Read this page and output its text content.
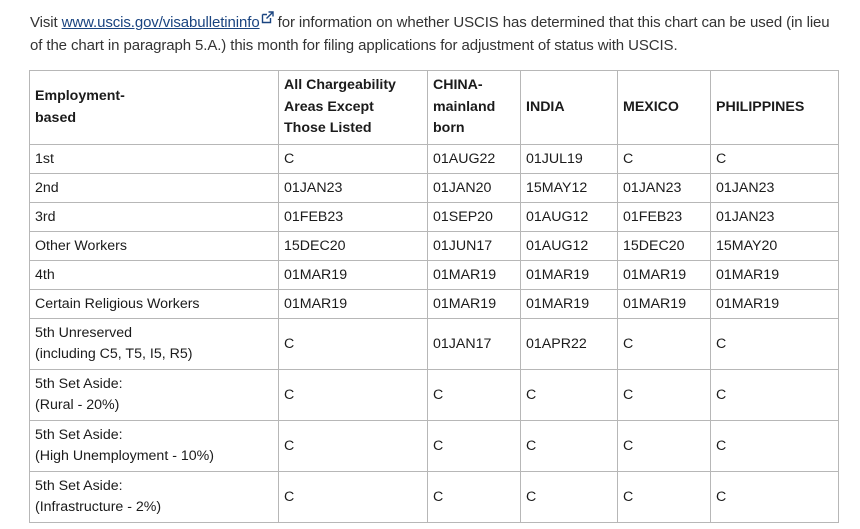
Visit www.uscis.gov/visabulletininfo for information on whether USCIS has determined that this chart can be used (in lieu of the chart in paragraph 5.A.) this month for filing applications for adjustment of status with USCIS.

Employment-
based	All Chargeability
Areas Except
Those Listed	CHINA-
mainland
born	INDIA	MEXICO	PHILIPPINES
1st	C	01AUG22	01JUL19	C	C
2nd	01JAN23	01JAN20	15MAY12	01JAN23	01JAN23
3rd	01FEB23	01SEP20	01AUG12	01FEB23	01JAN23
Other Workers	15DEC20	01JUN17	01AUG12	15DEC20	15MAY20
4th	01MAR19	01MAR19	01MAR19	01MAR19	01MAR19
Certain Religious Workers	01MAR19	01MAR19	01MAR19	01MAR19	01MAR19
5th Unreserved
(including C5, T5, I5, R5)	C	01JAN17	01APR22	C	C
5th Set Aside:
(Rural - 20%)	C	C	C	C	C
5th Set Aside:
(High Unemployment - 10%)	C	C	C	C	C
5th Set Aside:
(Infrastructure - 2%)	C	C	C	C	C
